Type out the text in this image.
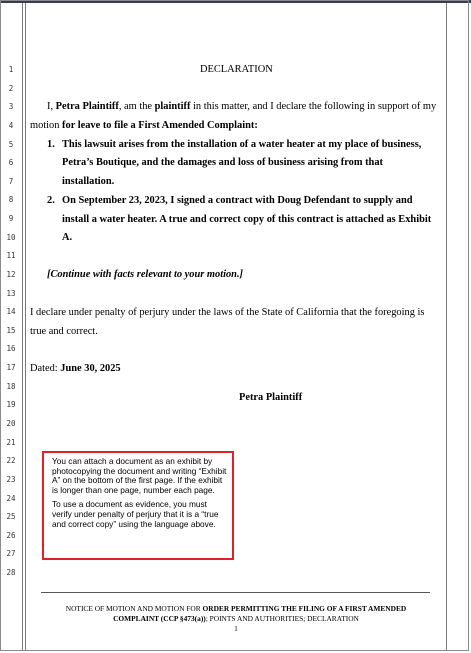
1
2
3
4
5
6
7
8
9
10
11
12
13
14
15
16
17
18
19
20
21
22
23
24
25
26
27
28
DECLARATION
I, Petra Plaintiff, am the plaintiff in this matter, and I declare the following in support of my
motion for leave to file a First Amended Complaint:
1. This lawsuit arises from the installation of a water heater at my place of business,
Petra’s Boutique, and the damages and loss of business arising from that
installation.
2. On September 23, 2023, I signed a contract with Doug Defendant to supply and
install a water heater. A true and correct copy of this contract is attached as Exhibit
A.
[Continue with facts relevant to your motion.]
I declare under penalty of perjury under the laws of the State of California that the foregoing is
true and correct.
Dated: June 30, 2025
Petra Plaintiff

You can attach a document as an exhibit by photocopying the document and writing “Exhibit A” on the bottom of the first page. If the exhibit is longer than one page, number each page.

To use a document as evidence, you must verify under penalty of perjury that it is a “true and correct copy” using the language above.

NOTICE OF MOTION AND MOTION FOR ORDER PERMITTING THE FILING OF A FIRST AMENDED
COMPLAINT (CCP §473(a)); POINTS AND AUTHORITIES; DECLARATION
1
